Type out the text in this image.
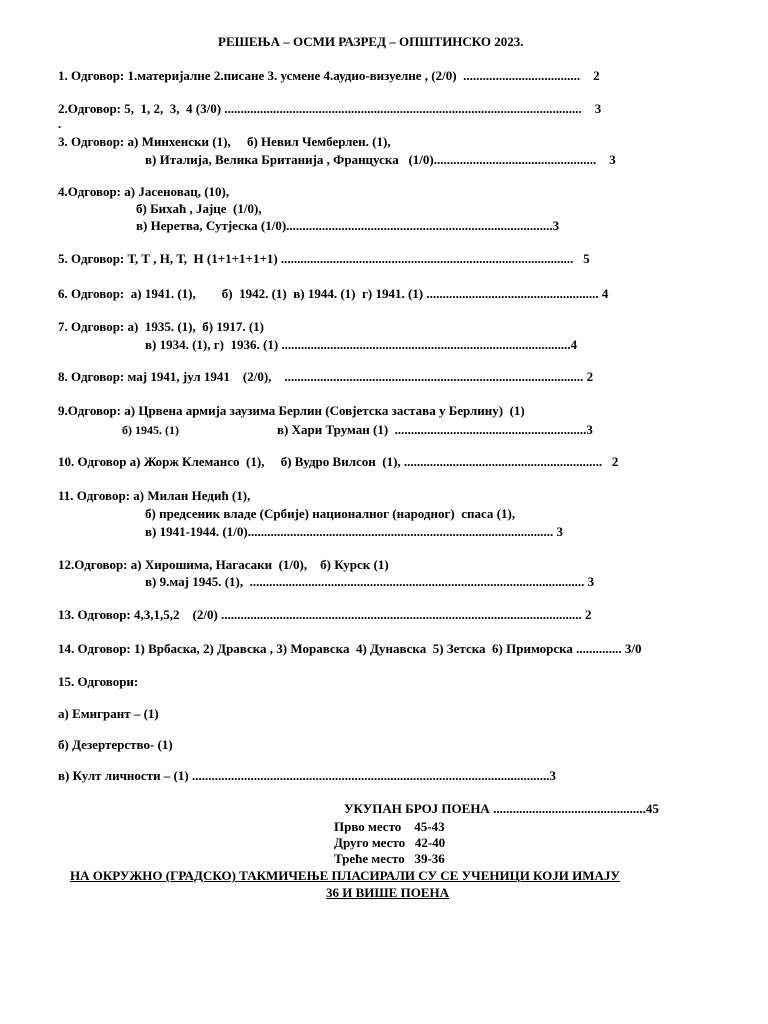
РЕШЕЊА – ОСМИ РАЗРЕД – ОПШТИНСКО 2023.
1. Одговор: 1.материјалне 2.писане 3. усмене 4.аудио-визуелне , (2/0)  ....................................    2
2.Одговор: 5,  1, 2,  3,  4 (3/0) ..............................................................................................................    3
.
3. Одговор: а) Минхенски (1),     б) Невил Чемберлен. (1),
в) Италија, Велика Британија , Француска   (1/0)..................................................    3
4.Одговор: а) Јасеновац, (10),
б) Бихаћ , Јајце  (1/0),
в) Неретва, Сутјеска (1/0)..................................................................................3
5. Одговор: Т, Т , Н, Т,  Н (1+1+1+1+1) ..........................................................................................   5
6. Одговор:  а) 1941. (1),        б)  1942. (1)  в) 1944. (1)  г) 1941. (1) ..................................................... 4
7. Одговор: а)  1935. (1),  б) 1917. (1)
в) 1934. (1), г)  1936. (1) .........................................................................................4
8. Одговор: мај 1941, јул 1941    (2/0),    ............................................................................................ 2
9.Одговор: а) Црвена армија заузима Берлин (Совјетска застава у Берлину)  (1)
б) 1945. (1)	в) Хари Труман (1)  ...........................................................3
10. Одговор а) Жорж Клемансо  (1),     б) Вудро Вилсон  (1), .............................................................   2
11. Одговор: а) Милан Недић (1),
б) предсеник владе (Србије) националног (народног)  спаса (1),
в) 1941-1944. (1/0).............................................................................................. 3
12.Одговор: а) Хирошима, Нагасаки  (1/0),    б) Курск (1)
в) 9.мај 1945. (1),  ....................................................................................................... 3
13. Одговор: 4,3,1,5,2    (2/0) ............................................................................................................... 2
14. Одговор: 1) Врбаска, 2) Дравска , 3) Моравска  4) Дунавска  5) Зетска  6) Приморска .............. 3/0
15. Одговори:
а) Емигрант – (1)
б) Дезертерство- (1)
в) Култ личности – (1) ..............................................................................................................3
УКУПАН БРОЈ ПОЕНА ...............................................45
Прво место    45-43
Друго место   42-40
Треће место   39-36
НА ОКРУЖНО (ГРАДСКО) ТАКМИЧЕЊЕ ПЛАСИРАЛИ СУ СЕ УЧЕНИЦИ КОЈИ ИМАЈУ
36 И ВИШЕ ПОЕНА
